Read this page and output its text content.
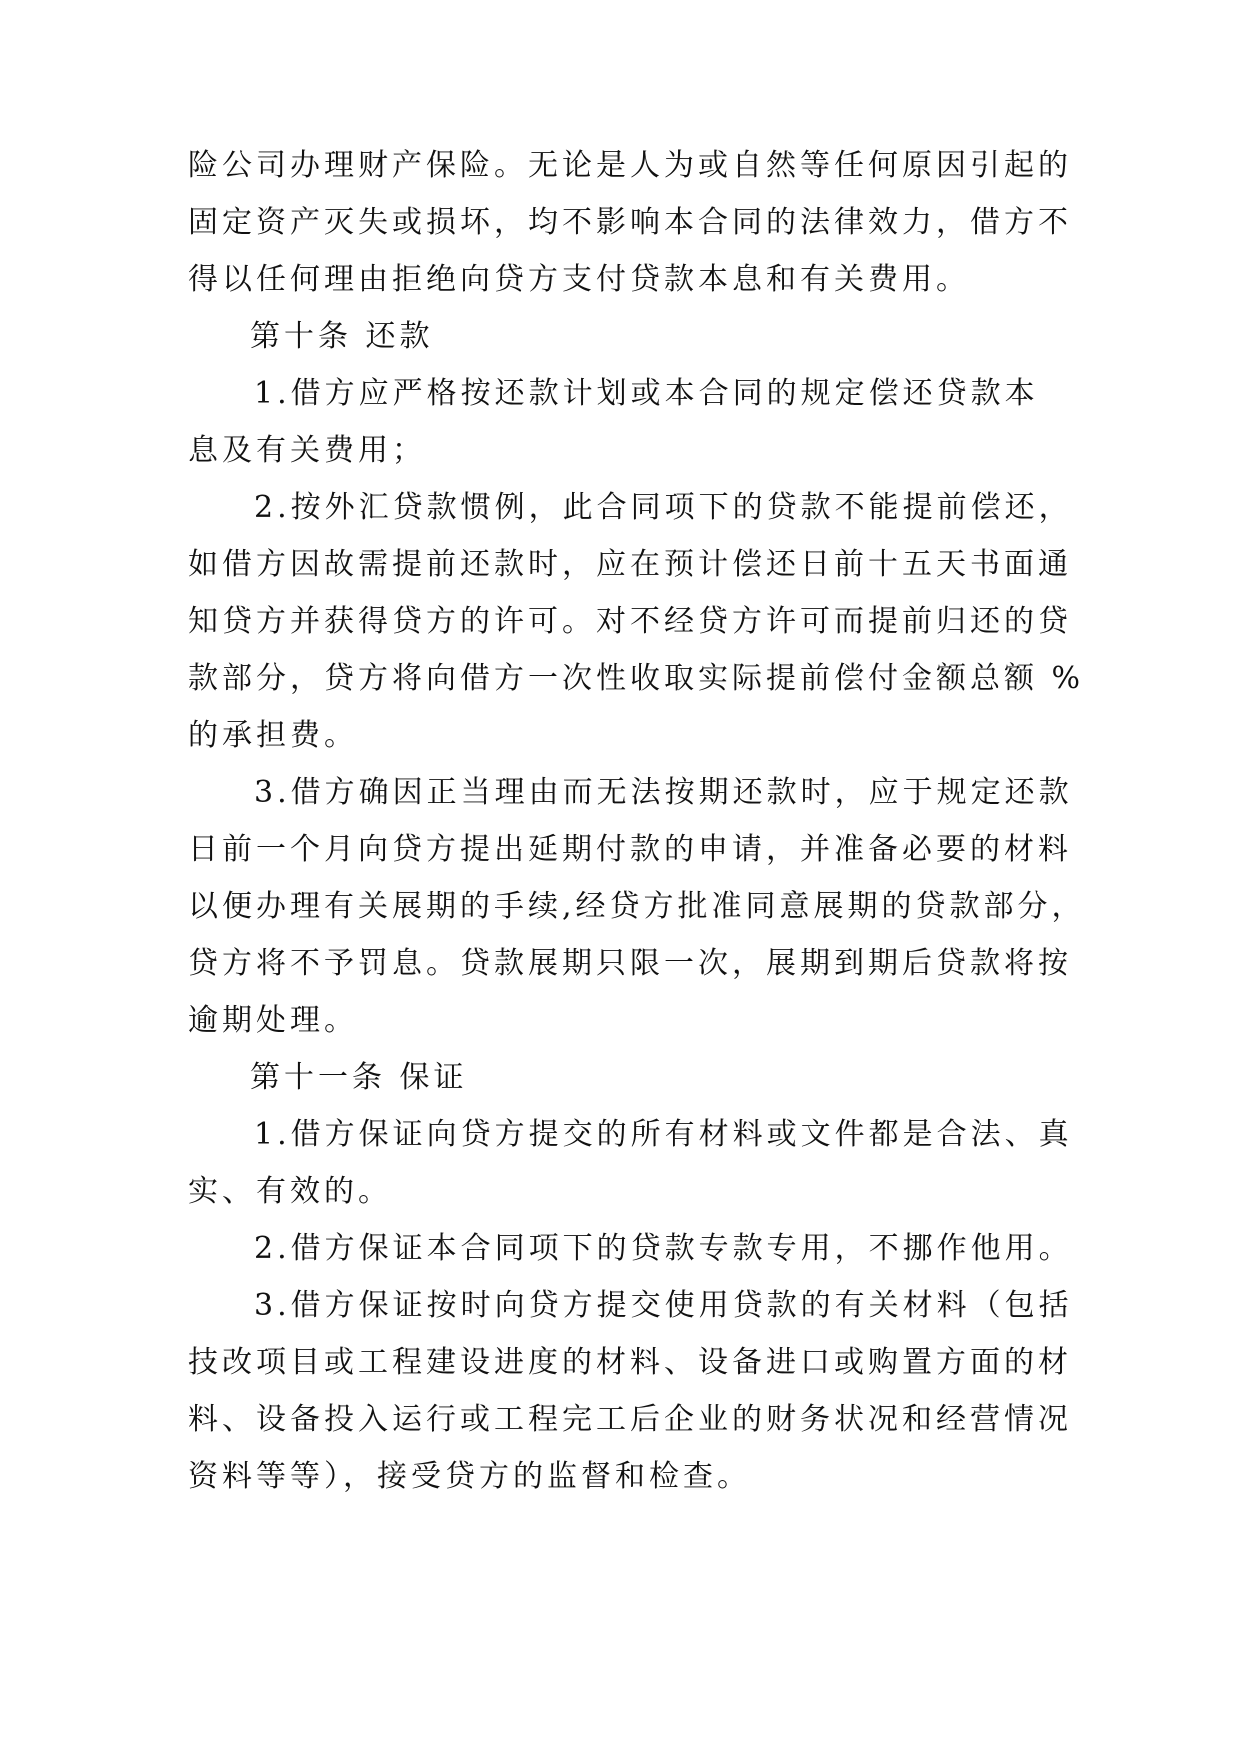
险公司办理财产保险。无论是人为或自然等任何原因引起的
固定资产灭失或损坏，均不影响本合同的法律效力，借方不
得以任何理由拒绝向贷方支付贷款本息和有关费用。
第十条 还款
1.借方应严格按还款计划或本合同的规定偿还贷款本
息及有关费用；
2.按外汇贷款惯例，此合同项下的贷款不能提前偿还，
如借方因故需提前还款时，应在预计偿还日前十五天书面通
知贷方并获得贷方的许可。对不经贷方许可而提前归还的贷
款部分，贷方将向借方一次性收取实际提前偿付金额总额 %
的承担费。
3.借方确因正当理由而无法按期还款时，应于规定还款
日前一个月向贷方提出延期付款的申请，并准备必要的材料
以便办理有关展期的手续,经贷方批准同意展期的贷款部分，
贷方将不予罚息。贷款展期只限一次，展期到期后贷款将按
逾期处理。
第十一条 保证
1.借方保证向贷方提交的所有材料或文件都是合法、真
实、有效的。
2.借方保证本合同项下的贷款专款专用，不挪作他用。
3.借方保证按时向贷方提交使用贷款的有关材料（包括
技改项目或工程建设进度的材料、设备进口或购置方面的材
料、设备投入运行或工程完工后企业的财务状况和经营情况
资料等等），接受贷方的监督和检查。
